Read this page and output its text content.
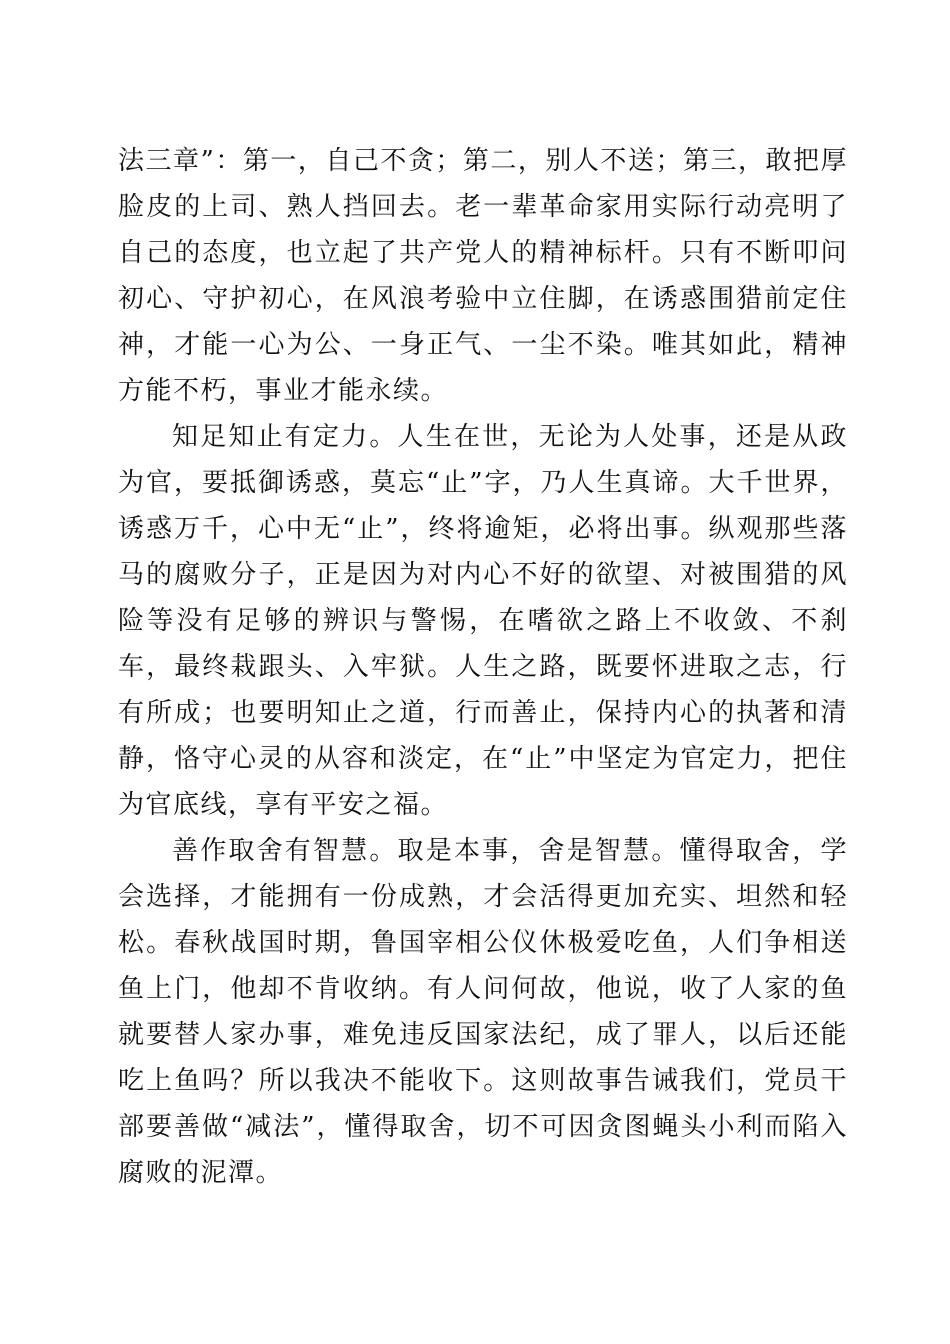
法三章”：第一，自己不贪；第二，别人不送；第三，敢把厚脸皮的上司、熟人挡回去。老一辈革命家用实际行动亮明了自己的态度，也立起了共产党人的精神标杆。只有不断叩问初心、守护初心，在风浪考验中立住脚，在诱惑围猎前定住神，才能一心为公、一身正气、一尘不染。唯其如此，精神方能不朽，事业才能永续。

知足知止有定力。人生在世，无论为人处事，还是从政为官，要抵御诱惑，莫忘“止”字，乃人生真谛。大千世界，诱惑万千，心中无“止”，终将逾矩，必将出事。纵观那些落马的腐败分子，正是因为对内心不好的欲望、对被围猎的风险等没有足够的辨识与警惕，在嗜欲之路上不收敛、不刹车，最终栽跟头、入牢狱。人生之路，既要怀进取之志，行有所成；也要明知止之道，行而善止，保持内心的执著和清静，恪守心灵的从容和淡定，在“止”中坚定为官定力，把住为官底线，享有平安之福。

善作取舍有智慧。取是本事，舍是智慧。懂得取舍，学会选择，才能拥有一份成熟，才会活得更加充实、坦然和轻松。春秋战国时期，鲁国宰相公仪休极爱吃鱼，人们争相送鱼上门，他却不肯收纳。有人问何故，他说，收了人家的鱼就要替人家办事，难免违反国家法纪，成了罪人，以后还能吃上鱼吗？所以我决不能收下。这则故事告诫我们，党员干部要善做“减法”，懂得取舍，切不可因贪图蝇头小利而陷入腐败的泥潭。
